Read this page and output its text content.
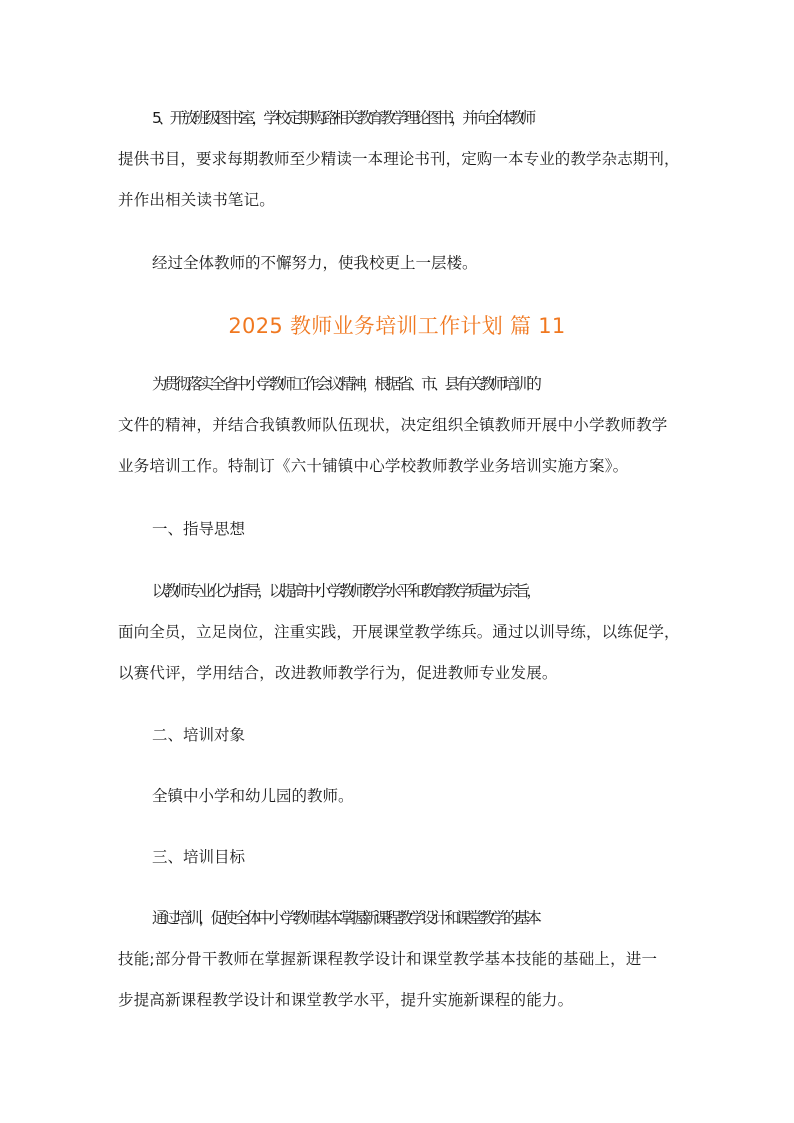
5、开放班级图书室，学校定期购臵相关教育教学理论图书，并向全体教师
提供书目，要求每期教师至少精读一本理论书刊，定购一本专业的教学杂志期刊，
并作出相关读书笔记。

经过全体教师的不懈努力，使我校更上一层楼。

2025 教师业务培训工作计划 篇 11
为贯彻落实全省中小学教师工作会议精神，根据省、市、县有关教师培训的
文件的精神，并结合我镇教师队伍现状，决定组织全镇教师开展中小学教师教学
业务培训工作。特制订《六十铺镇中心学校教师教学业务培训实施方案》。

一、指导思想

以教师专业化为指导，以提高中小学教师教学水平和教育教学质量为宗旨，
面向全员，立足岗位，注重实践，开展课堂教学练兵。通过以训导练，以练促学，
以赛代评，学用结合，改进教师教学行为，促进教师专业发展。

二、培训对象

全镇中小学和幼儿园的教师。

三、培训目标

通过培训，促使全体中小学教师基本掌握新课程教学设计和课堂教学的基本
技能;部分骨干教师在掌握新课程教学设计和课堂教学基本技能的基础上，进一
步提高新课程教学设计和课堂教学水平，提升实施新课程的能力。
